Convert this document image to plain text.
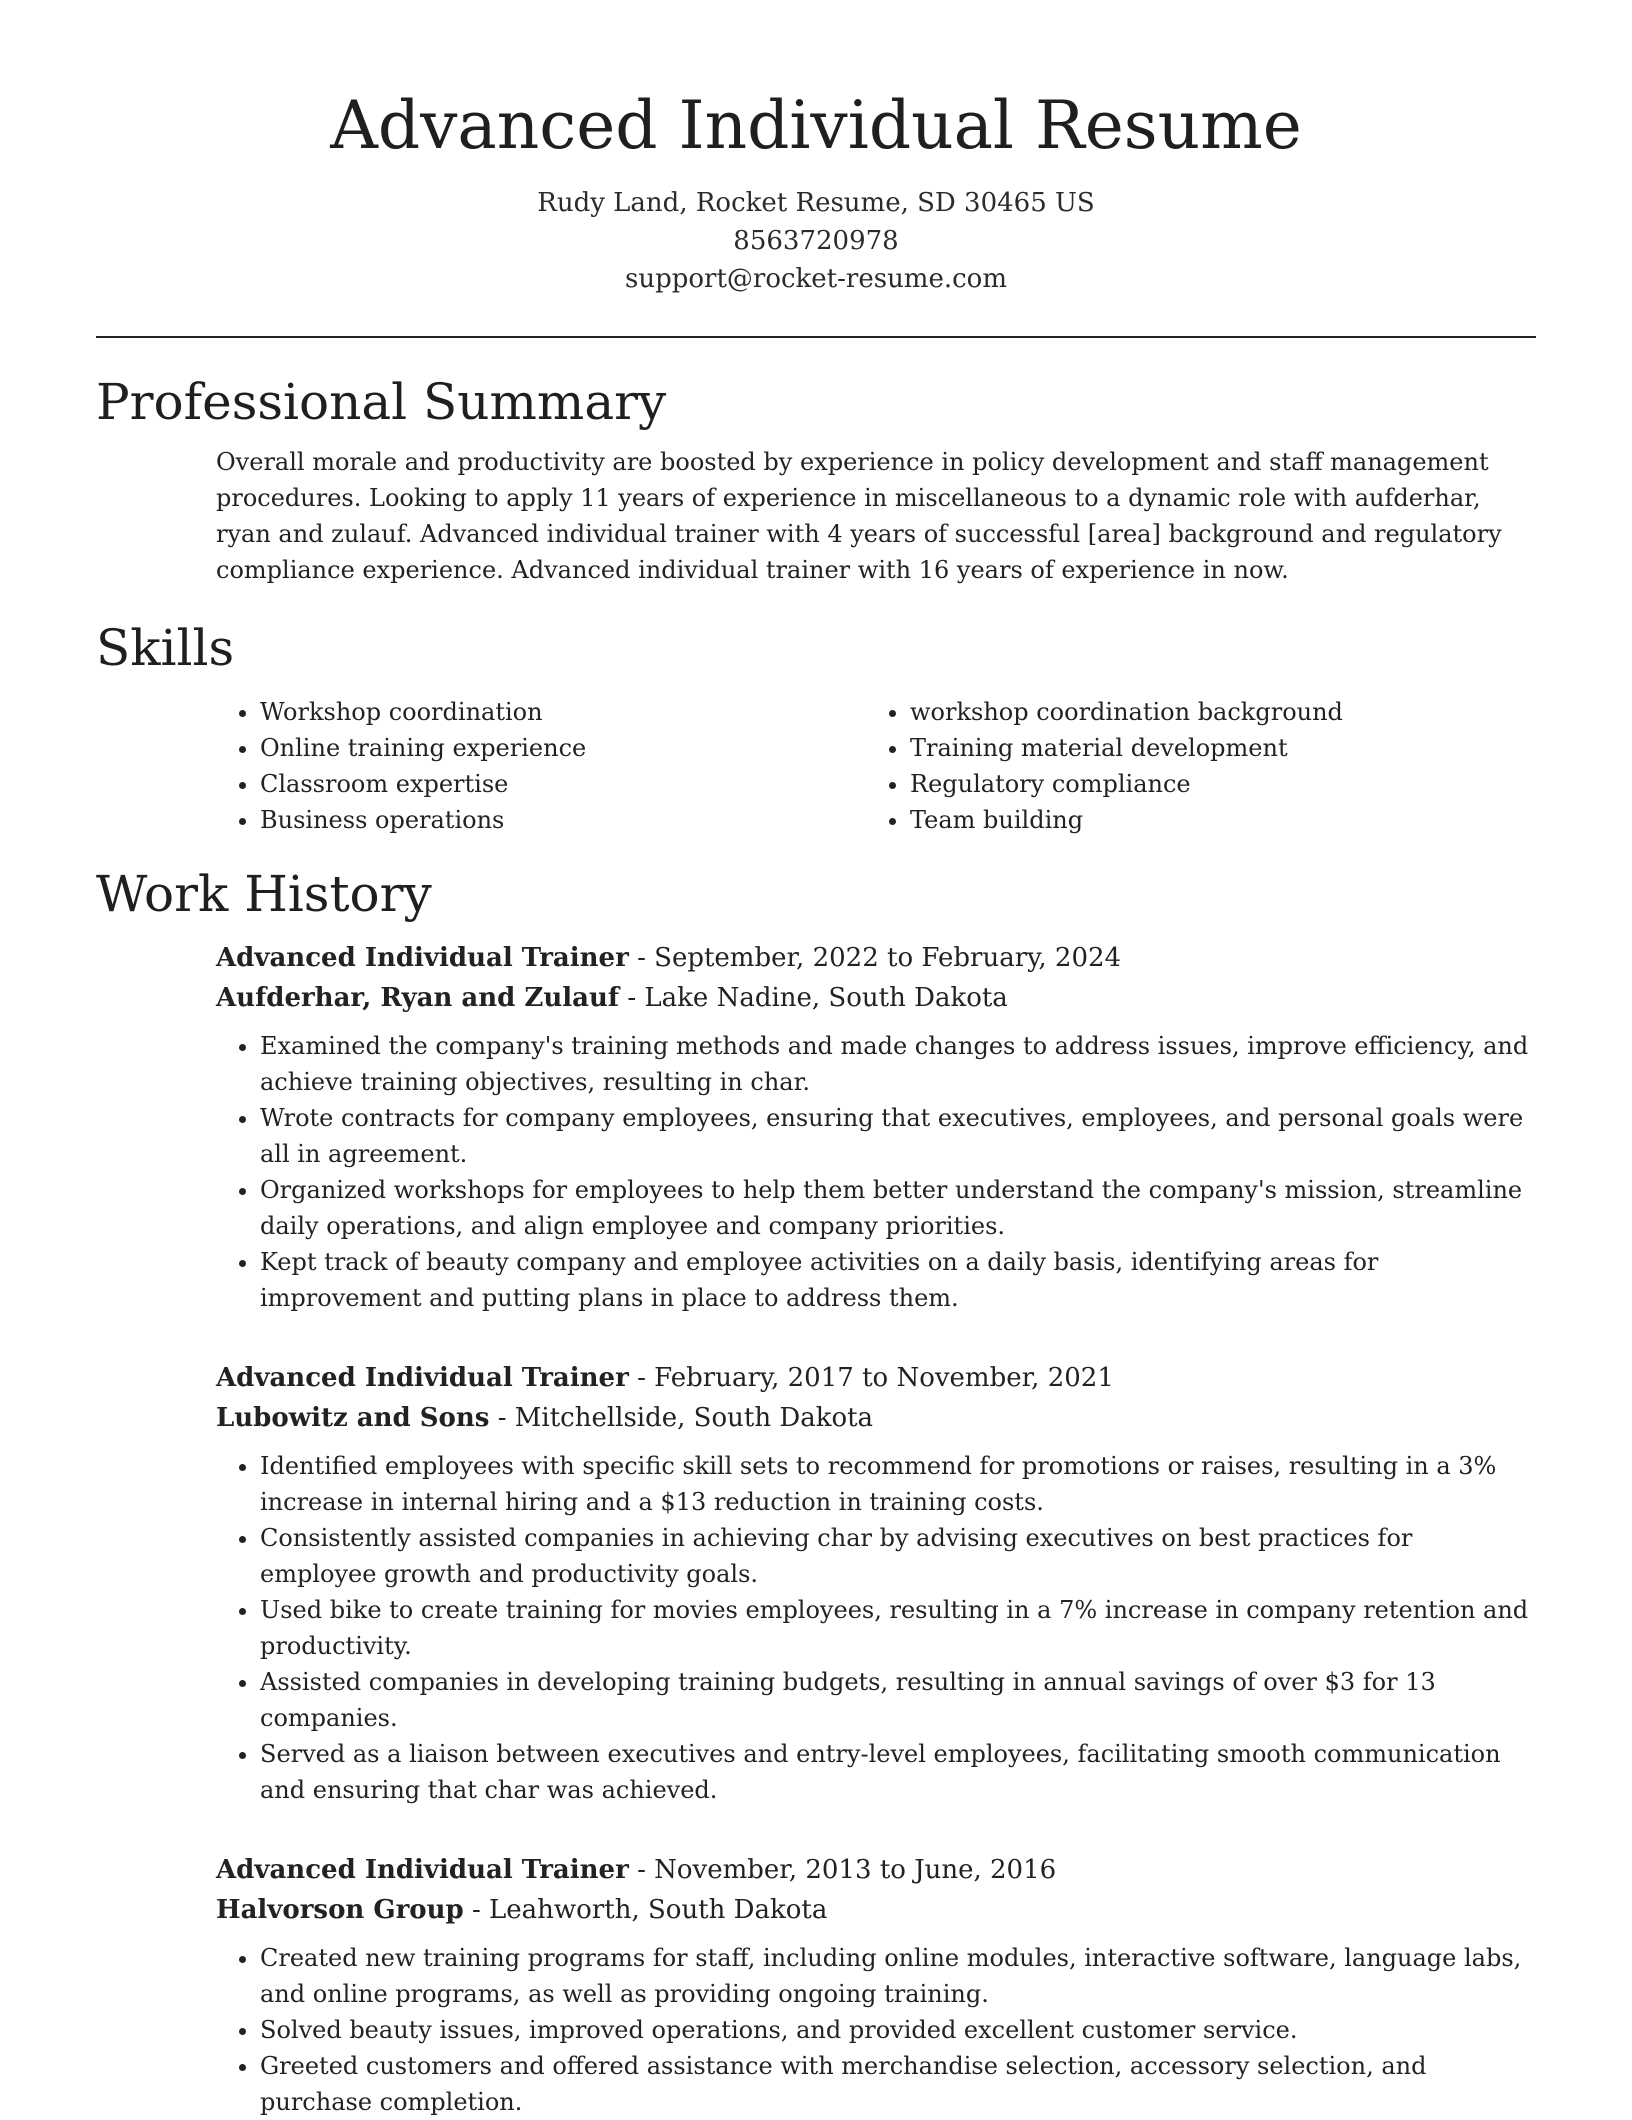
Advanced Individual Resume
Rudy Land, Rocket Resume, SD 30465 US
8563720978
support@rocket-resume.com
Professional Summary

Overall morale and productivity are boosted by experience in policy development and staff management procedures. Looking to apply 11 years of experience in miscellaneous to a dynamic role with aufderhar, ryan and zulauf. Advanced individual trainer with 4 years of successful [area] background and regulatory compliance experience. Advanced individual trainer with 16 years of experience in now.

Skills
• Workshop coordination
• Online training experience
• Classroom expertise
• Business operations
• workshop coordination background
• Training material development
• Regulatory compliance
• Team building
Work History
Advanced Individual Trainer - September, 2022 to February, 2024
Aufderhar, Ryan and Zulauf - Lake Nadine, South Dakota
• Examined the company's training methods and made changes to address issues, improve efficiency, and achieve training objectives, resulting in char.
• Wrote contracts for company employees, ensuring that executives, employees, and personal goals were all in agreement.
• Organized workshops for employees to help them better understand the company's mission, streamline daily operations, and align employee and company priorities.
• Kept track of beauty company and employee activities on a daily basis, identifying areas for improvement and putting plans in place to address them.
Advanced Individual Trainer - February, 2017 to November, 2021
Lubowitz and Sons - Mitchellside, South Dakota
• Identified employees with specific skill sets to recommend for promotions or raises, resulting in a 3% increase in internal hiring and a $13 reduction in training costs.
• Consistently assisted companies in achieving char by advising executives on best practices for employee growth and productivity goals.
• Used bike to create training for movies employees, resulting in a 7% increase in company retention and productivity.
• Assisted companies in developing training budgets, resulting in annual savings of over $3 for 13 companies.
• Served as a liaison between executives and entry-level employees, facilitating smooth communication and ensuring that char was achieved.
Advanced Individual Trainer - November, 2013 to June, 2016
Halvorson Group - Leahworth, South Dakota
• Created new training programs for staff, including online modules, interactive software, language labs, and online programs, as well as providing ongoing training.
• Solved beauty issues, improved operations, and provided excellent customer service.
• Greeted customers and offered assistance with merchandise selection, accessory selection, and purchase completion.
